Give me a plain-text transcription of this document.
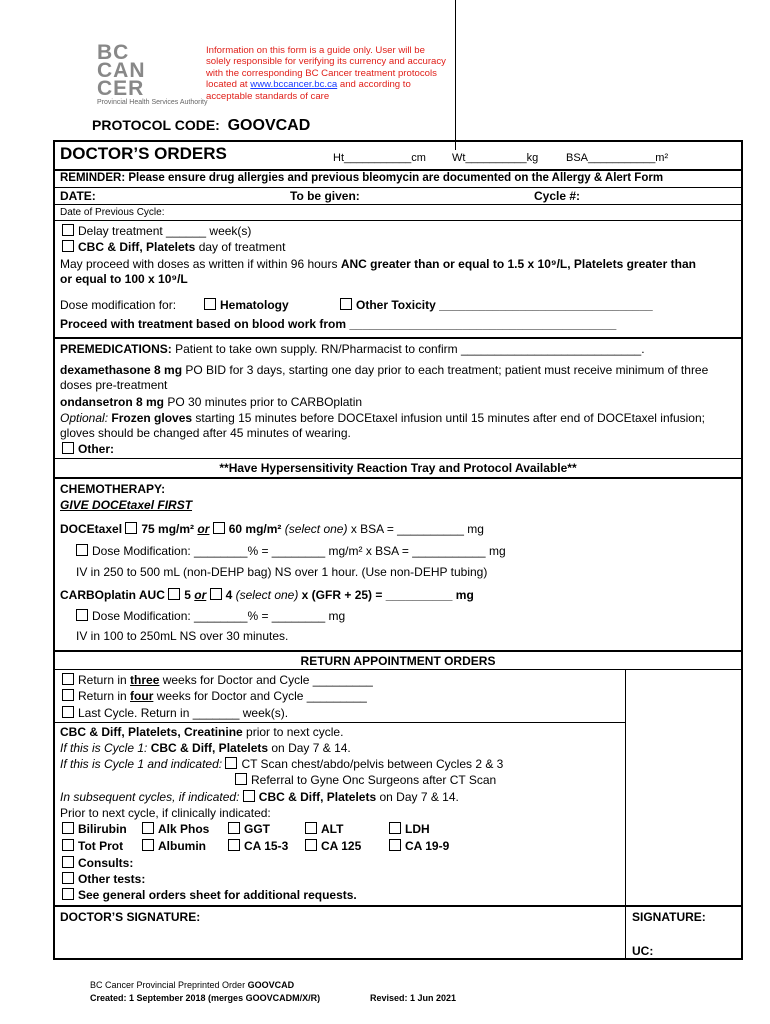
BC
CAN
CER
Provincial Health Services Authority
Information on this form is a guide only. User will be solely responsible for verifying its currency and accuracy with the corresponding BC Cancer treatment protocols located at www.bccancer.bc.ca and according to acceptable standards of care
PROTOCOL CODE: GOOVCAD
DOCTOR’S ORDERS	Ht___________cm Wt__________kg	BSA___________m²
REMINDER: Please ensure drug allergies and previous bleomycin are documented on the Allergy & Alert Form
DATE:	To be given:	Cycle #:
Date of Previous Cycle:
Delay treatment ______ week(s)
CBC & Diff, Platelets day of treatment
May proceed with doses as written if within 96 hours ANC greater than or equal to 1.5 x 10⁹/L, Platelets greater than
or equal to 100 x 10⁹/L
Dose modification for:	Hematology	Other Toxicity ________________________________
Proceed with treatment based on blood work from ________________________________________
PREMEDICATIONS: Patient to take own supply. RN/Pharmacist to confirm ___________________________.
dexamethasone 8 mg PO BID for 3 days, starting one day prior to each treatment; patient must receive minimum of three
doses pre-treatment
ondansetron 8 mg PO 30 minutes prior to CARBOplatin
Optional: Frozen gloves starting 15 minutes before DOCEtaxel infusion until 15 minutes after end of DOCEtaxel infusion;
gloves should be changed after 45 minutes of wearing.
Other:
**Have Hypersensitivity Reaction Tray and Protocol Available**
CHEMOTHERAPY:
GIVE DOCEtaxel FIRST
DOCEtaxel 75 mg/m² or 60 mg/m² (select one) x BSA = __________ mg
Dose Modification: ________% = ________ mg/m² x BSA = ___________ mg
IV in 250 to 500 mL (non-DEHP bag) NS over 1 hour. (Use non-DEHP tubing)
CARBOplatin AUC 5 or 4 (select one) x (GFR + 25) = __________ mg
Dose Modification: ________% = ________ mg
IV in 100 to 250mL NS over 30 minutes.
RETURN APPOINTMENT ORDERS
Return in three weeks for Doctor and Cycle _________
Return in four weeks for Doctor and Cycle _________
Last Cycle. Return in _______ week(s).
CBC & Diff, Platelets, Creatinine prior to next cycle.
If this is Cycle 1: CBC & Diff, Platelets on Day 7 & 14.
If this is Cycle 1 and indicated: CT Scan chest/abdo/pelvis between Cycles 2 & 3
Referral to Gyne Onc Surgeons after CT Scan
In subsequent cycles, if indicated: CBC & Diff, Platelets on Day 7 & 14.
Prior to next cycle, if clinically indicated:
Bilirubin	Alk Phos	GGT	ALT	LDH
Tot Prot	Albumin	CA 15-3	CA 125	CA 19-9
Consults:
Other tests:
See general orders sheet for additional requests.
DOCTOR’S SIGNATURE:	SIGNATURE:
UC:
BC Cancer Provincial Preprinted Order GOOVCAD
Created: 1 September 2018 (merges GOOVCADM/X/R)	Revised: 1 Jun 2021
